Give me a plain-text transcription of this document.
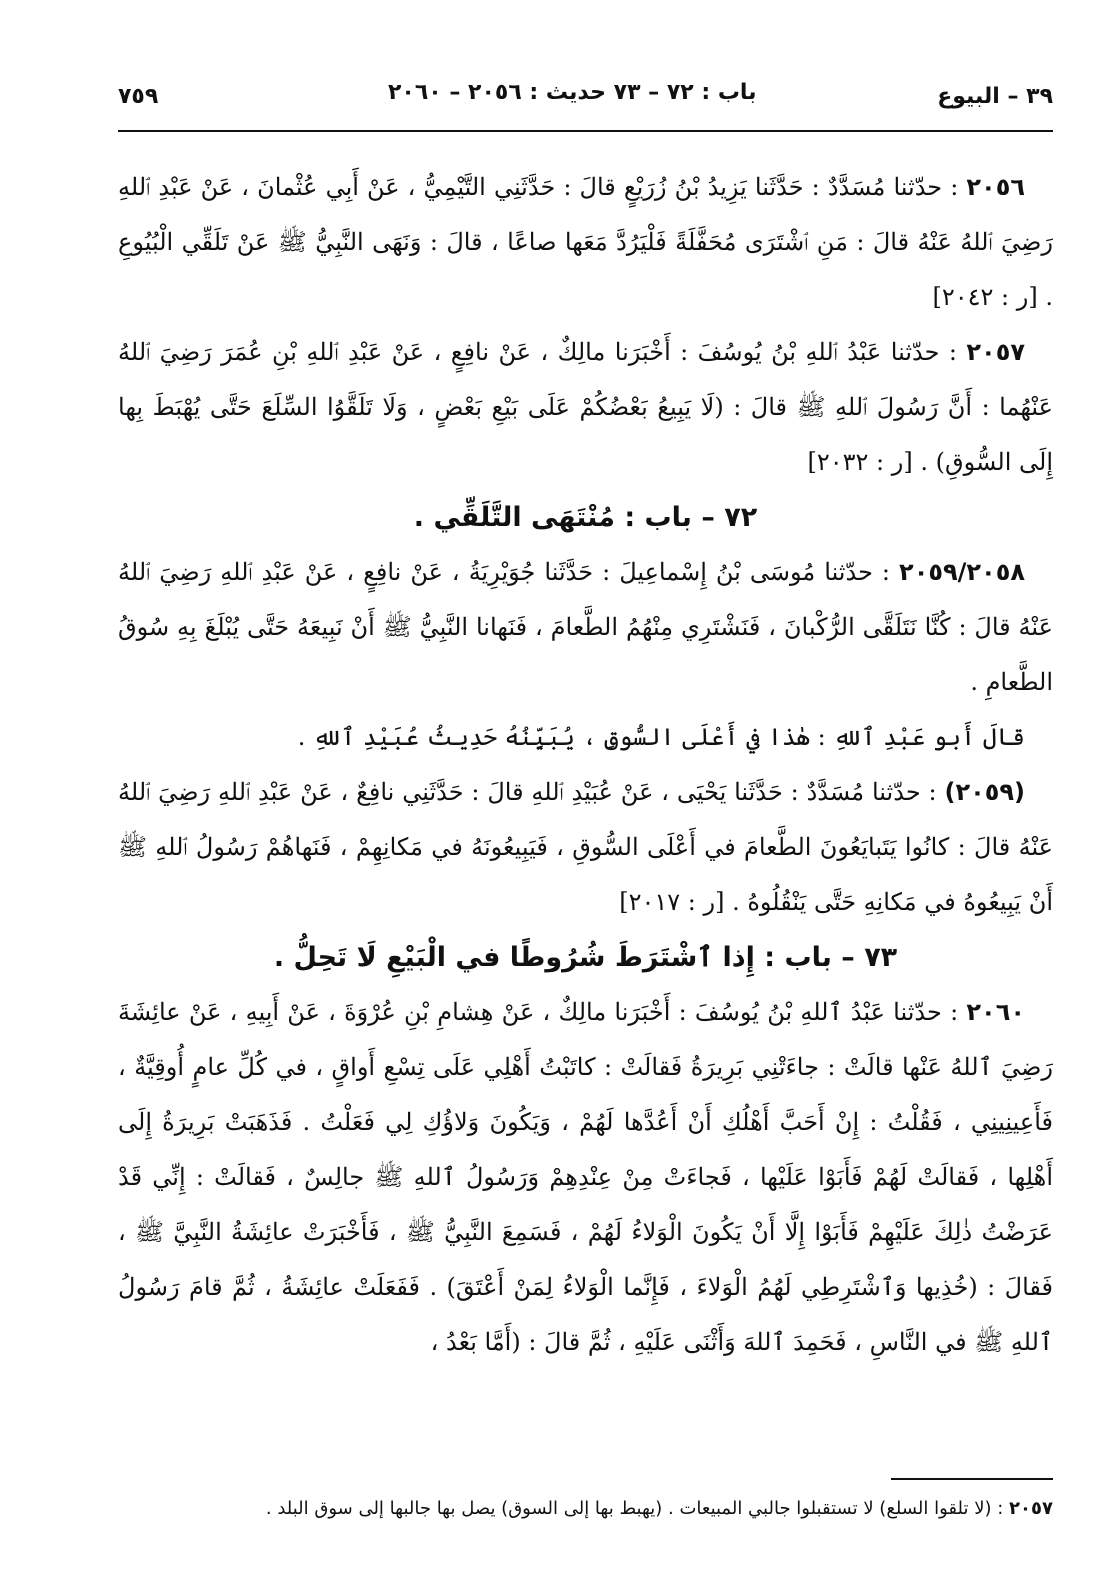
٣٩ – البيوع
باب : ٧٢ – ٧٣ حديث : ٢٠٥٦ – ٢٠٦٠
٧٥٩

٢٠٥٦ : حدّثنا مُسَدَّدٌ : حَدَّثَنا يَزِيدُ بْنُ زُرَيْعٍ قالَ : حَدَّثَنِي التَّيْمِيُّ ، عَنْ أَبِي عُثْمانَ ، عَنْ عَبْدِ ٱللهِ رَضِيَ ٱللهُ عَنْهُ قالَ : مَنِ ٱشْتَرَى مُحَفَّلَةً فَلْيَرُدَّ مَعَها صاعًا ، قالَ : وَنَهَى النَّبِيُّ ﷺ عَنْ تَلَقِّي الْبُيُوعِ . [ر : ٢٠٤٢]

٢٠٥٧ : حدّثنا عَبْدُ ٱللهِ بْنُ يُوسُفَ : أَخْبَرَنا مالِكٌ ، عَنْ نافِعٍ ، عَنْ عَبْدِ ٱللهِ بْنِ عُمَرَ رَضِيَ ٱللهُ عَنْهُما : أَنَّ رَسُولَ ٱللهِ ﷺ قالَ : (لَا يَبِيعُ بَعْضُكُمْ عَلَى بَيْعِ بَعْضٍ ، وَلَا تَلَقَّوُا السِّلَعَ حَتَّى يُهْبَطَ بِها إِلَى السُّوقِ) . [ر : ٢٠٣٢]

٧٢ – باب : مُنْتَهَى التَّلَقِّي .

٢٠٥٩/٢٠٥٨ : حدّثنا مُوسَى بْنُ إِسْماعِيلَ : حَدَّثَنا جُوَيْرِيَةُ ، عَنْ نافِعٍ ، عَنْ عَبْدِ ٱللهِ رَضِيَ ٱللهُ عَنْهُ قالَ : كُنَّا نَتَلَقَّى الرُّكْبانَ ، فَنَشْتَرِي مِنْهُمُ الطَّعامَ ، فَنَهانا النَّبِيُّ ﷺ أَنْ نَبِيعَهُ حَتَّى يُبْلَغَ بِهِ سُوقُ الطَّعامِ .

قالَ أَبو عَبْدِ ٱللهِ : هٰذا في أَعْلَى السُّوقِ ، يُبَيِّنُهُ حَدِيثُ عُبَيْدِ ٱللهِ .

(٢٠٥٩) : حدّثنا مُسَدَّدٌ : حَدَّثَنا يَحْيَى ، عَنْ عُبَيْدِ ٱللهِ قالَ : حَدَّثَنِي نافِعٌ ، عَنْ عَبْدِ ٱللهِ رَضِيَ ٱللهُ عَنْهُ قالَ : كانُوا يَتَبايَعُونَ الطَّعامَ في أَعْلَى السُّوقِ ، فَيَبِيعُونَهُ في مَكانِهِمْ ، فَنَهاهُمْ رَسُولُ ٱللهِ ﷺ أَنْ يَبِيعُوهُ في مَكانِهِ حَتَّى يَنْقُلُوهُ . [ر : ٢٠١٧]

٧٣ – باب : إِذا ٱشْتَرَطَ شُرُوطًا في الْبَيْعِ لَا تَحِلُّ .

٢٠٦٠ : حدّثنا عَبْدُ ٱللهِ بْنُ يُوسُفَ : أَخْبَرَنا مالِكٌ ، عَنْ هِشامِ بْنِ عُرْوَةَ ، عَنْ أَبِيهِ ، عَنْ عائِشَةَ رَضِيَ ٱللهُ عَنْها قالَتْ : جاءَتْنِي بَرِيرَةُ فَقالَتْ : كاتَبْتُ أَهْلِي عَلَى تِسْعِ أَواقٍ ، في كُلِّ عامٍ أُوقِيَّةٌ ، فَأَعِينِينِي ، فَقُلْتُ : إِنْ أَحَبَّ أَهْلُكِ أَنْ أَعُدَّها لَهُمْ ، وَيَكُونَ وَلاؤُكِ لِي فَعَلْتُ . فَذَهَبَتْ بَرِيرَةُ إِلَى أَهْلِها ، فَقالَتْ لَهُمْ فَأَبَوْا عَلَيْها ، فَجاءَتْ مِنْ عِنْدِهِمْ وَرَسُولُ ٱللهِ ﷺ جالِسٌ ، فَقالَتْ : إِنِّي قَدْ عَرَضْتُ ذٰلِكَ عَلَيْهِمْ فَأَبَوْا إِلَّا أَنْ يَكُونَ الْوَلاءُ لَهُمْ ، فَسَمِعَ النَّبِيُّ ﷺ ، فَأَخْبَرَتْ عائِشَةُ النَّبِيَّ ﷺ ، فَقالَ : (خُذِيها وَٱشْتَرِطِي لَهُمُ الْوَلاءَ ، فَإِنَّما الْوَلاءُ لِمَنْ أَعْتَقَ) . فَفَعَلَتْ عائِشَةُ ، ثُمَّ قامَ رَسُولُ ٱللهِ ﷺ في النَّاسِ ، فَحَمِدَ ٱللهَ وَأَثْنَى عَلَيْهِ ، ثُمَّ قالَ : (أَمَّا بَعْدُ ،

٢٠٥٧ : (لا تلقوا السلع) لا تستقبلوا جالبي المبيعات . (يهبط بها إلى السوق) يصل بها جالبها إلى سوق البلد .
